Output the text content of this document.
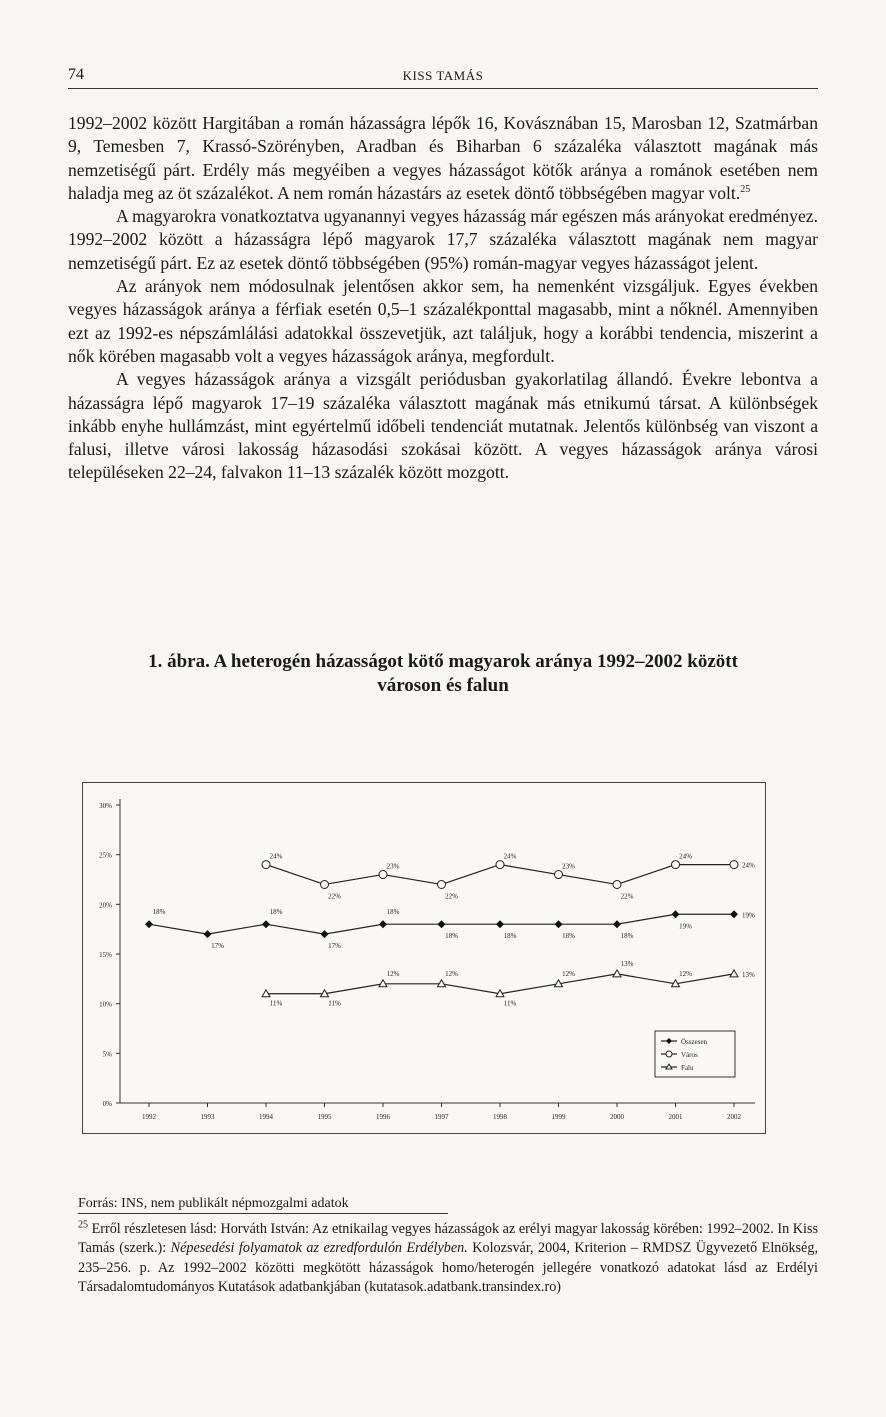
74	KISS TAMÁS

1992–2002 között Hargitában a román házasságra lépők 16, Kovásznában 15, Marosban 12, Szatmárban 9, Temesben 7, Krassó-Szörényben, Aradban és Biharban 6 százaléka választott magának más nemzetiségű párt. Erdély más megyéiben a vegyes házasságot kötők aránya a románok esetében nem haladja meg az öt százalékot. A nem román házastárs az esetek döntő többségében magyar volt.$^{25}$

A magyarokra vonatkoztatva ugyanannyi vegyes házasság már egészen más arányokat eredményez. 1992–2002 között a házasságra lépő magyarok 17,7 százaléka választott magának nem magyar nemzetiségű párt. Ez az esetek döntő többségében (95%) román-magyar vegyes házasságot jelent.

Az arányok nem módosulnak jelentősen akkor sem, ha nemenként vizsgáljuk. Egyes években vegyes házasságok aránya a férfiak esetén 0,5–1 százalékponttal magasabb, mint a nőknél. Amennyiben ezt az 1992-es népszámlálási adatokkal összevetjük, azt találjuk, hogy a korábbi tendencia, miszerint a nők körében magasabb volt a vegyes házasságok aránya, megfordult.

A vegyes házasságok aránya a vizsgált periódusban gyakorlatilag állandó. Évekre lebontva a házasságra lépő magyarok 17–19 százaléka választott magának más etnikumú társat. A különbségek inkább enyhe hullámzást, mint egyértelmű időbeli tendenciát mutatnak. Jelentős különbség van viszont a falusi, illetve városi lakosság házasodási szokásai között. A vegyes házasságok aránya városi településeken 22–24, falvakon 11–13 százalék között mozgott.

1. ábra. A heterogén házasságot kötő magyarok aránya 1992–2002 között
városon és falun
0%
5%
10%
15%
20%
25%
30%
1992	1993	1994	1995	1996	1997	1998	1999	2000	2001	2002
18%
17%
18%
17%
18%
18%	18%	18%	18%
19%
19%
24%
22%
23%
22%
24%
23%
22%
24%
24%
11%	11%
12%	12%
11%
12%
13%
12%	13%
Összesen
Város
Falu
Forrás: INS, nem publikált népmozgalmi adatok
$^{25}$ Erről részletesen lásd: Horváth István: Az etnikailag vegyes házasságok az erélyi magyar lakosság körében: 1992–2002. In Kiss Tamás (szerk.): Népesedési folyamatok az ezredfordulón Erdélyben. Kolozsvár, 2004, Kriterion – RMDSZ Ügyvezető Elnökség, 235–256. p. Az 1992–2002 közötti megkötött házasságok homo/heterogén jellegére vonatkozó adatokat lásd az Erdélyi Társadalomtudományos Kutatások adatbankjában (kutatasok.adatbank.transindex.ro)
